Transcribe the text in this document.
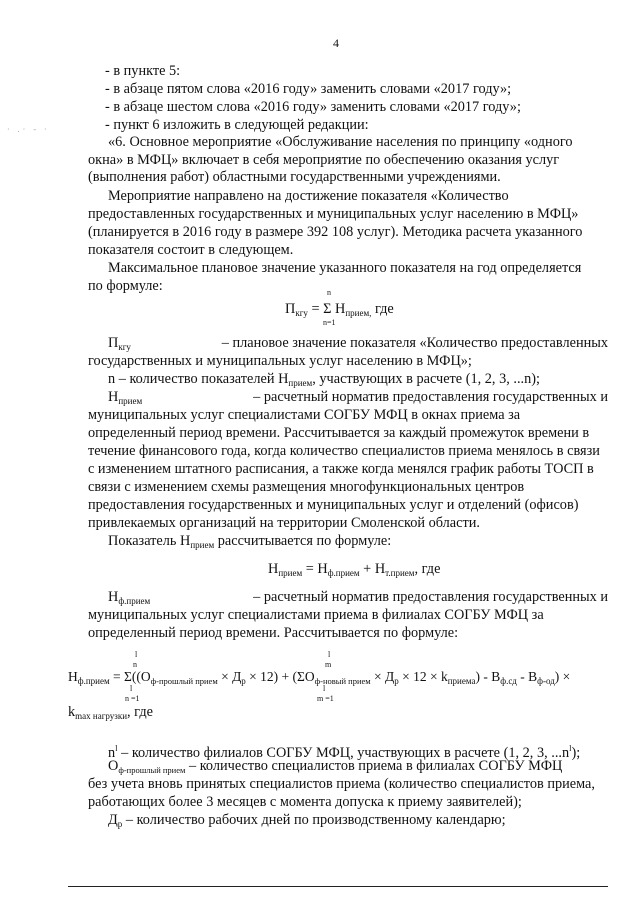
4
· .· - ·
- в пункте 5:
- в абзаце пятом слова «2016 году» заменить словами «2017 году»;
- в абзаце шестом слова «2016 году» заменить словами «2017 году»;
- пункт 6 изложить в следующей редакции:
«6. Основное мероприятие «Обслуживание населения по принципу «одного
окна» в МФЦ» включает в себя мероприятие по обеспечению оказания услуг
(выполнения работ) областными государственными учреждениями.
Мероприятие направлено на достижение показателя «Количество
предоставленных государственных и муниципальных услуг населению в МФЦ»
(планируется в 2016 году в размере 392 108 услуг). Методика расчета указанного
показателя состоит в следующем.
Максимальное плановое значение указанного показателя на год определяется
по формуле:	n
$П_{кгу} = \Sigma$ $Н_{прием,}$ где
n=1
$П_{кгу}$	– плановое значение показателя «Количество предоставленных
государственных и муниципальных услуг населению в МФЦ»;
n – количество показателей $Н_{прием}$, участвующих в расчете (1, 2, 3, ...n);
$Н_{прием}$	– расчетный норматив предоставления государственных и
муниципальных услуг специалистами СОГБУ МФЦ в окнах приема за
определенный период времени. Рассчитывается за каждый промежуток времени в
течение финансового года, когда количество специалистов приема менялось в связи
с изменением штатного расписания, а также когда менялся график работы ТОСП в
связи с изменением схемы размещения многофункциональных центров
предоставления государственных и муниципальных услуг и отделений (офисов)
привлекаемых организаций на территории Смоленской области.
Показатель $Н_{прием}$ рассчитывается по формуле:
$Н_{прием} = Н_{ф.прием} + Н_{т.прием}$, где
$Н_{ф.прием}$	– расчетный норматив предоставления государственных и
муниципальных услуг специалистами приема в филиалах СОГБУ МФЦ за
определенный период времени. Рассчитывается по формуле:
l
n
l
m
$Н_{ф.прием} = \Sigma((О_{ф-прошлый прием} \times Д_р \times 12) + (\Sigma О_{ф-новый прием} \times Д_р \times 12 \times k_{приема}) - В_{ф.сд} - В_{ф-од})$ ×
l
n =1
l
m =1
$k_{max нагрузки}$, где
$n^l$ – количество филиалов СОГБУ МФЦ, участвующих в расчете (1, 2, 3, $...n^l$);
$О_{ф-прошлый прием}$ – количество специалистов приема в филиалах СОГБУ МФЦ
без учета вновь принятых специалистов приема (количество специалистов приема,
работающих более 3 месяцев с момента допуска к приему заявителей);
$Д_р$ – количество рабочих дней по производственному календарю;
